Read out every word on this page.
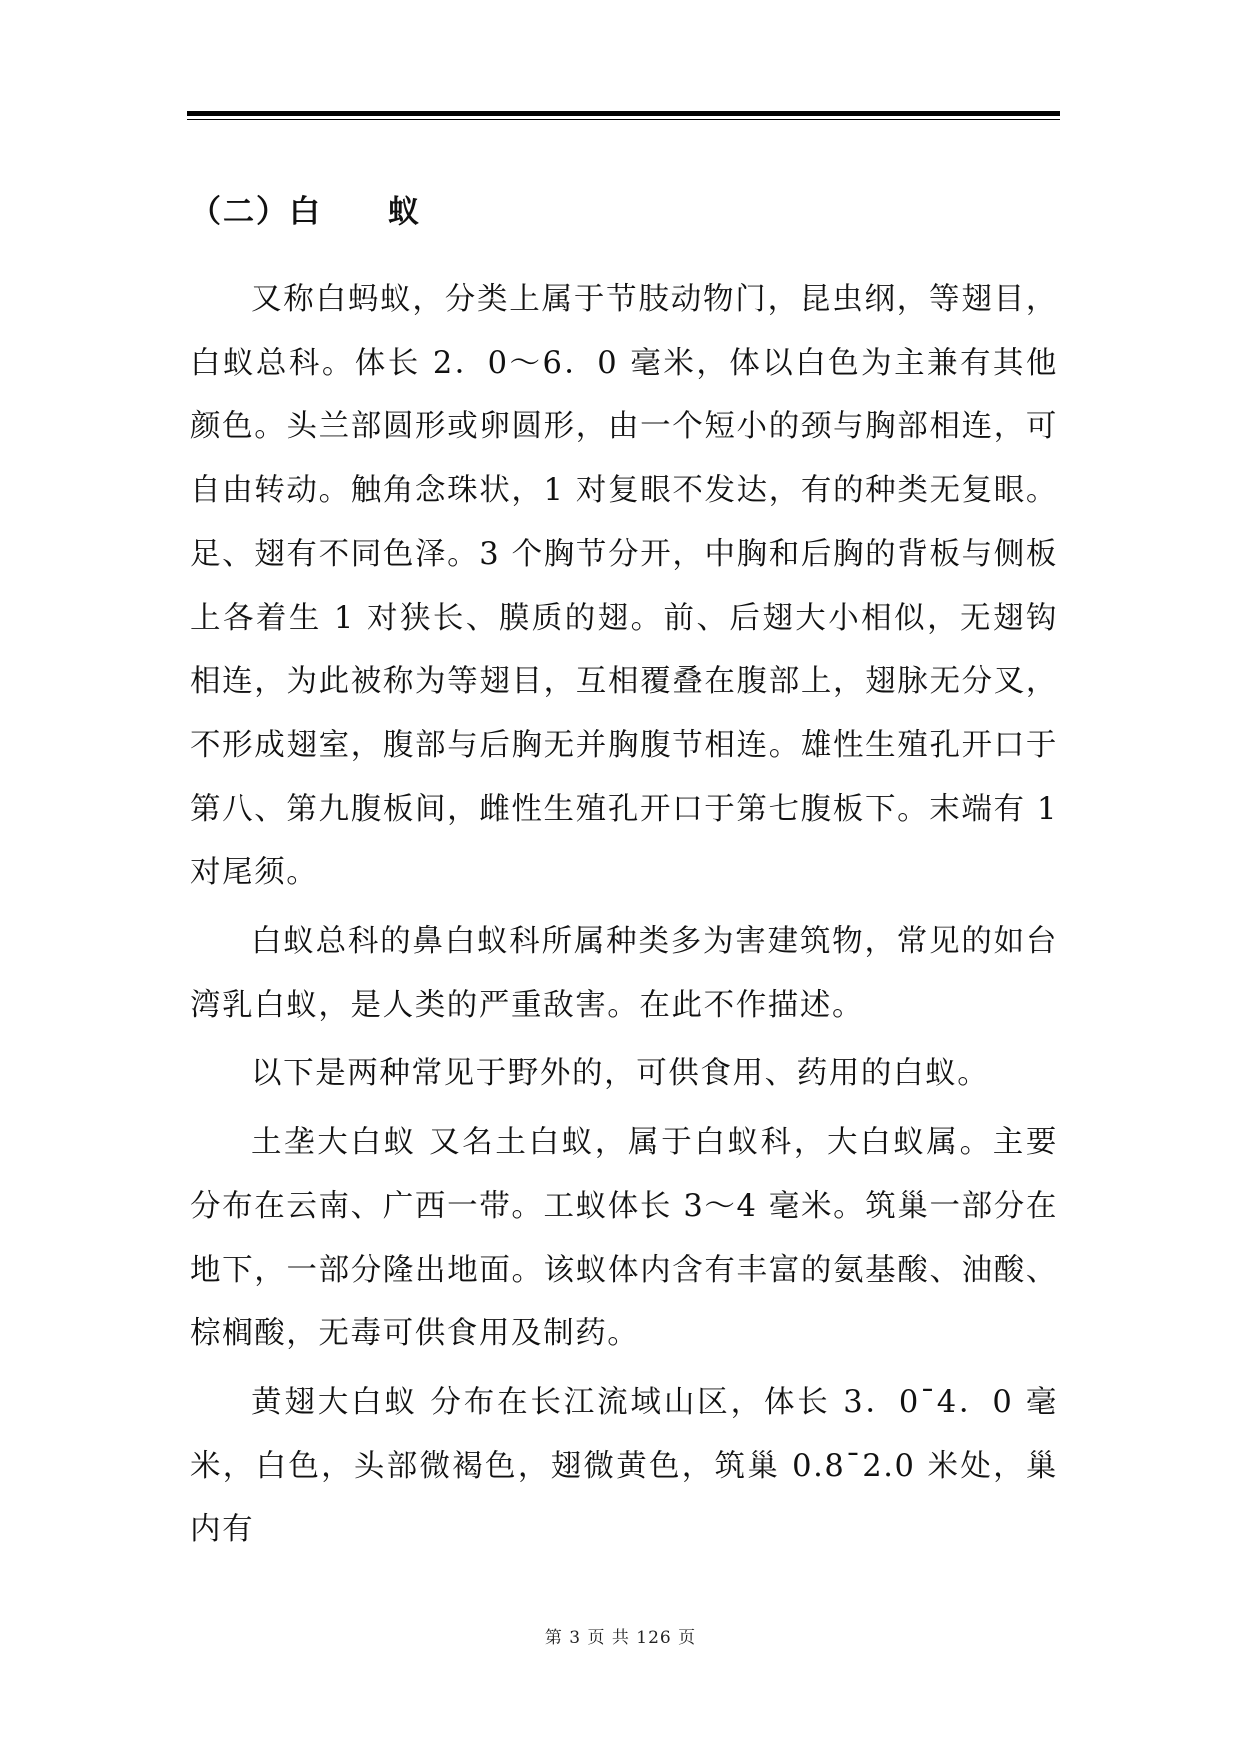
（二）白　　蚁

又称白蚂蚁，分类上属于节肢动物门，昆虫纲，等翅目，白蚁总科。体长 2．0～6．0 毫米，体以白色为主兼有其他颜色。头兰部圆形或卵圆形，由一个短小的颈与胸部相连，可自由转动。触角念珠状，1 对复眼不发达，有的种类无复眼。足、翅有不同色泽。3 个胸节分开，中胸和后胸的背板与侧板上各着生 1 对狭长、膜质的翅。前、后翅大小相似，无翅钩相连，为此被称为等翅目，互相覆叠在腹部上，翅脉无分叉，不形成翅室，腹部与后胸无并胸腹节相连。雄性生殖孔开口于第八、第九腹板间，雌性生殖孔开口于第七腹板下。末端有 1 对尾须。

白蚁总科的鼻白蚁科所属种类多为害建筑物，常见的如台湾乳白蚁，是人类的严重敌害。在此不作描述。

以下是两种常见于野外的，可供食用、药用的白蚁。

土垄大白蚁 又名土白蚁，属于白蚁科，大白蚁属。主要分布在云南、广西一带。工蚁体长 3～4 毫米。筑巢一部分在地下，一部分隆出地面。该蚁体内含有丰富的氨基酸、油酸、棕榈酸，无毒可供食用及制药。

黄翅大白蚁 分布在长江流域山区，体长 3．0¯4．0 毫米，白色，头部微褐色，翅微黄色，筑巢 0.8¯2.0 米处，巢内有

第 3 页 共 126 页
